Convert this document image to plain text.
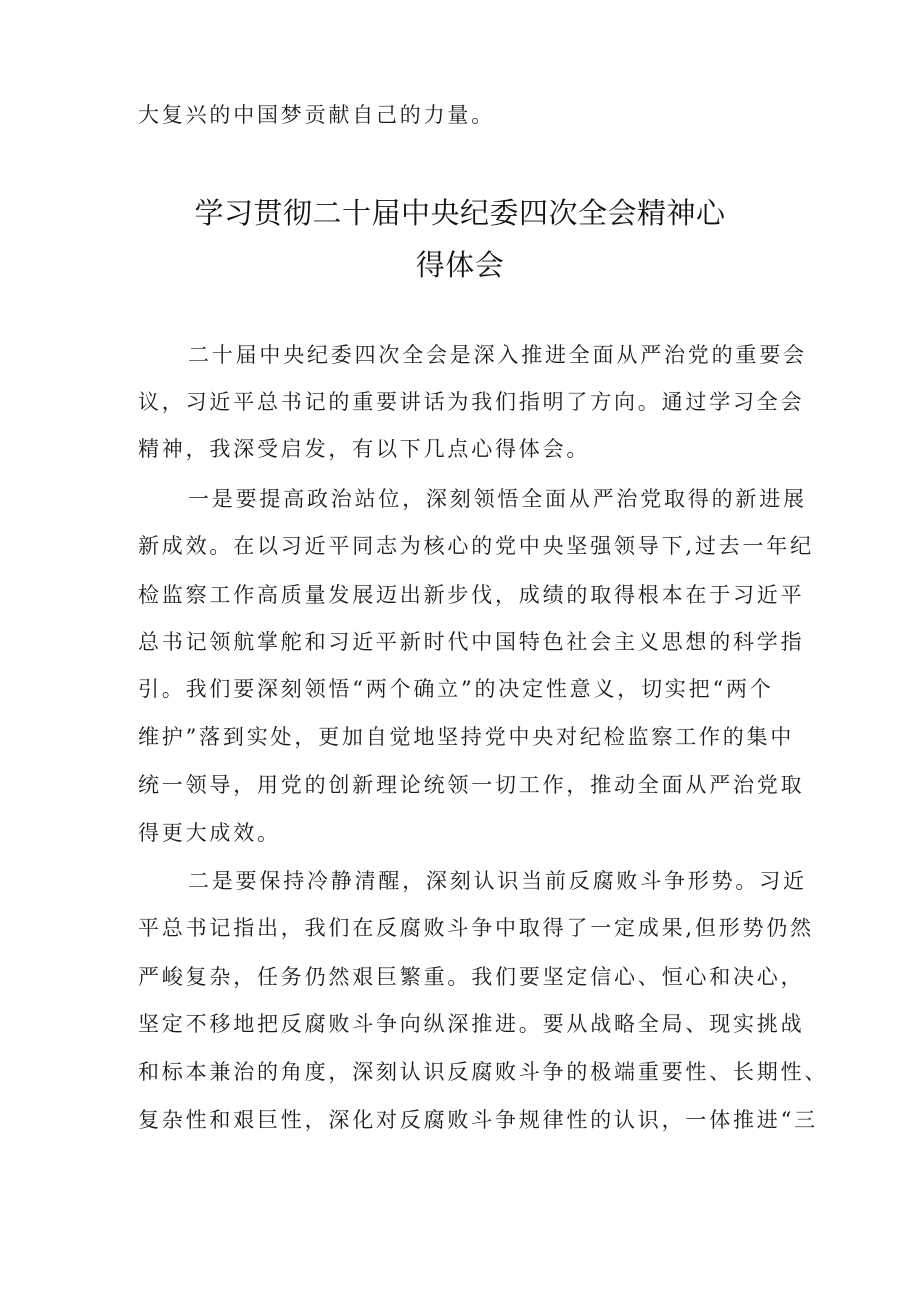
大复兴的中国梦贡献自己的力量。
学习贯彻二十届中央纪委四次全会精神心
得体会
二十届中央纪委四次全会是深入推进全面从严治党的重要会
议，习近平总书记的重要讲话为我们指明了方向。通过学习全会
精神，我深受启发，有以下几点心得体会。
一是要提高政治站位，深刻领悟全面从严治党取得的新进展
新成效。在以习近平同志为核心的党中央坚强领导下,过去一年纪
检监察工作高质量发展迈出新步伐，成绩的取得根本在于习近平
总书记领航掌舵和习近平新时代中国特色社会主义思想的科学指
引。我们要深刻领悟“两个确立”的决定性意义，切实把“两个
维护”落到实处，更加自觉地坚持党中央对纪检监察工作的集中
统一领导，用党的创新理论统领一切工作，推动全面从严治党取
得更大成效。
二是要保持冷静清醒，深刻认识当前反腐败斗争形势。习近
平总书记指出，我们在反腐败斗争中取得了一定成果,但形势仍然
严峻复杂，任务仍然艰巨繁重。我们要坚定信心、恒心和决心，
坚定不移地把反腐败斗争向纵深推进。要从战略全局、现实挑战
和标本兼治的角度，深刻认识反腐败斗争的极端重要性、长期性、
复杂性和艰巨性，深化对反腐败斗争规律性的认识，一体推进“三
